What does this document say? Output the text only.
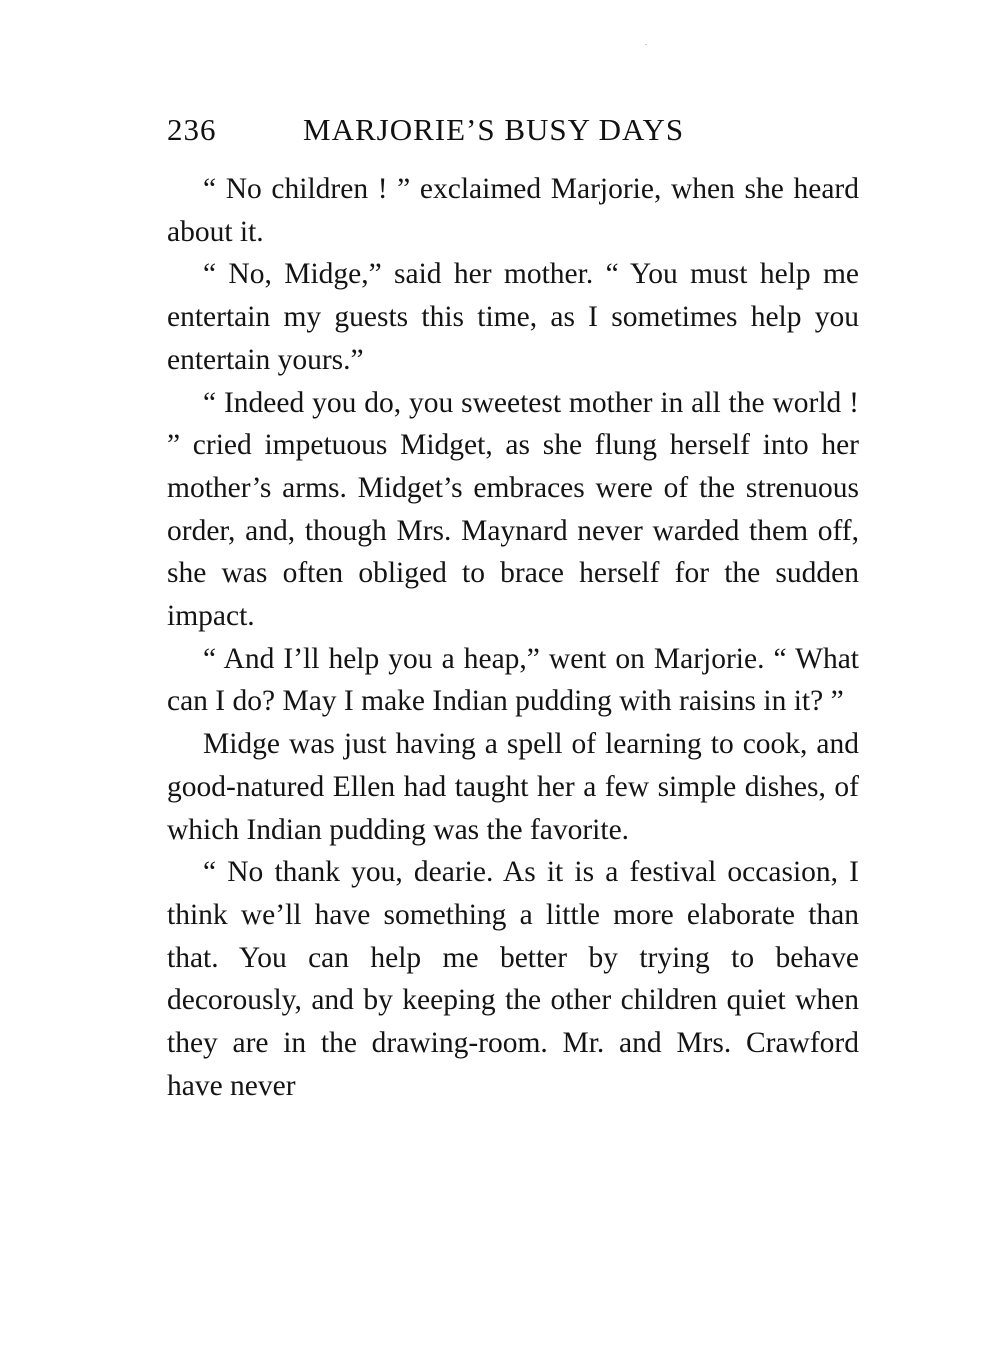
236	MARJORIE’S BUSY DAYS

“ No children ! ” exclaimed Marjorie, when she heard about it.

“ No, Midge,” said her mother. “ You must help me entertain my guests this time, as I sometimes help you entertain yours.”

“ Indeed you do, you sweetest mother in all the world ! ” cried impetuous Midget, as she flung herself into her mother’s arms. Midget’s embraces were of the strenuous order, and, though Mrs. Maynard never warded them off, she was often obliged to brace herself for the sudden impact.

“ And I’ll help you a heap,” went on Marjorie. “ What can I do? May I make Indian pudding with raisins in it? ”

Midge was just having a spell of learning to cook, and good-natured Ellen had taught her a few simple dishes, of which Indian pudding was the favorite.

“ No thank you, dearie. As it is a festival occasion, I think we’ll have something a little more elaborate than that. You can help me better by trying to behave decorously, and by keeping the other children quiet when they are in the drawing-room. Mr. and Mrs. Crawford have never
